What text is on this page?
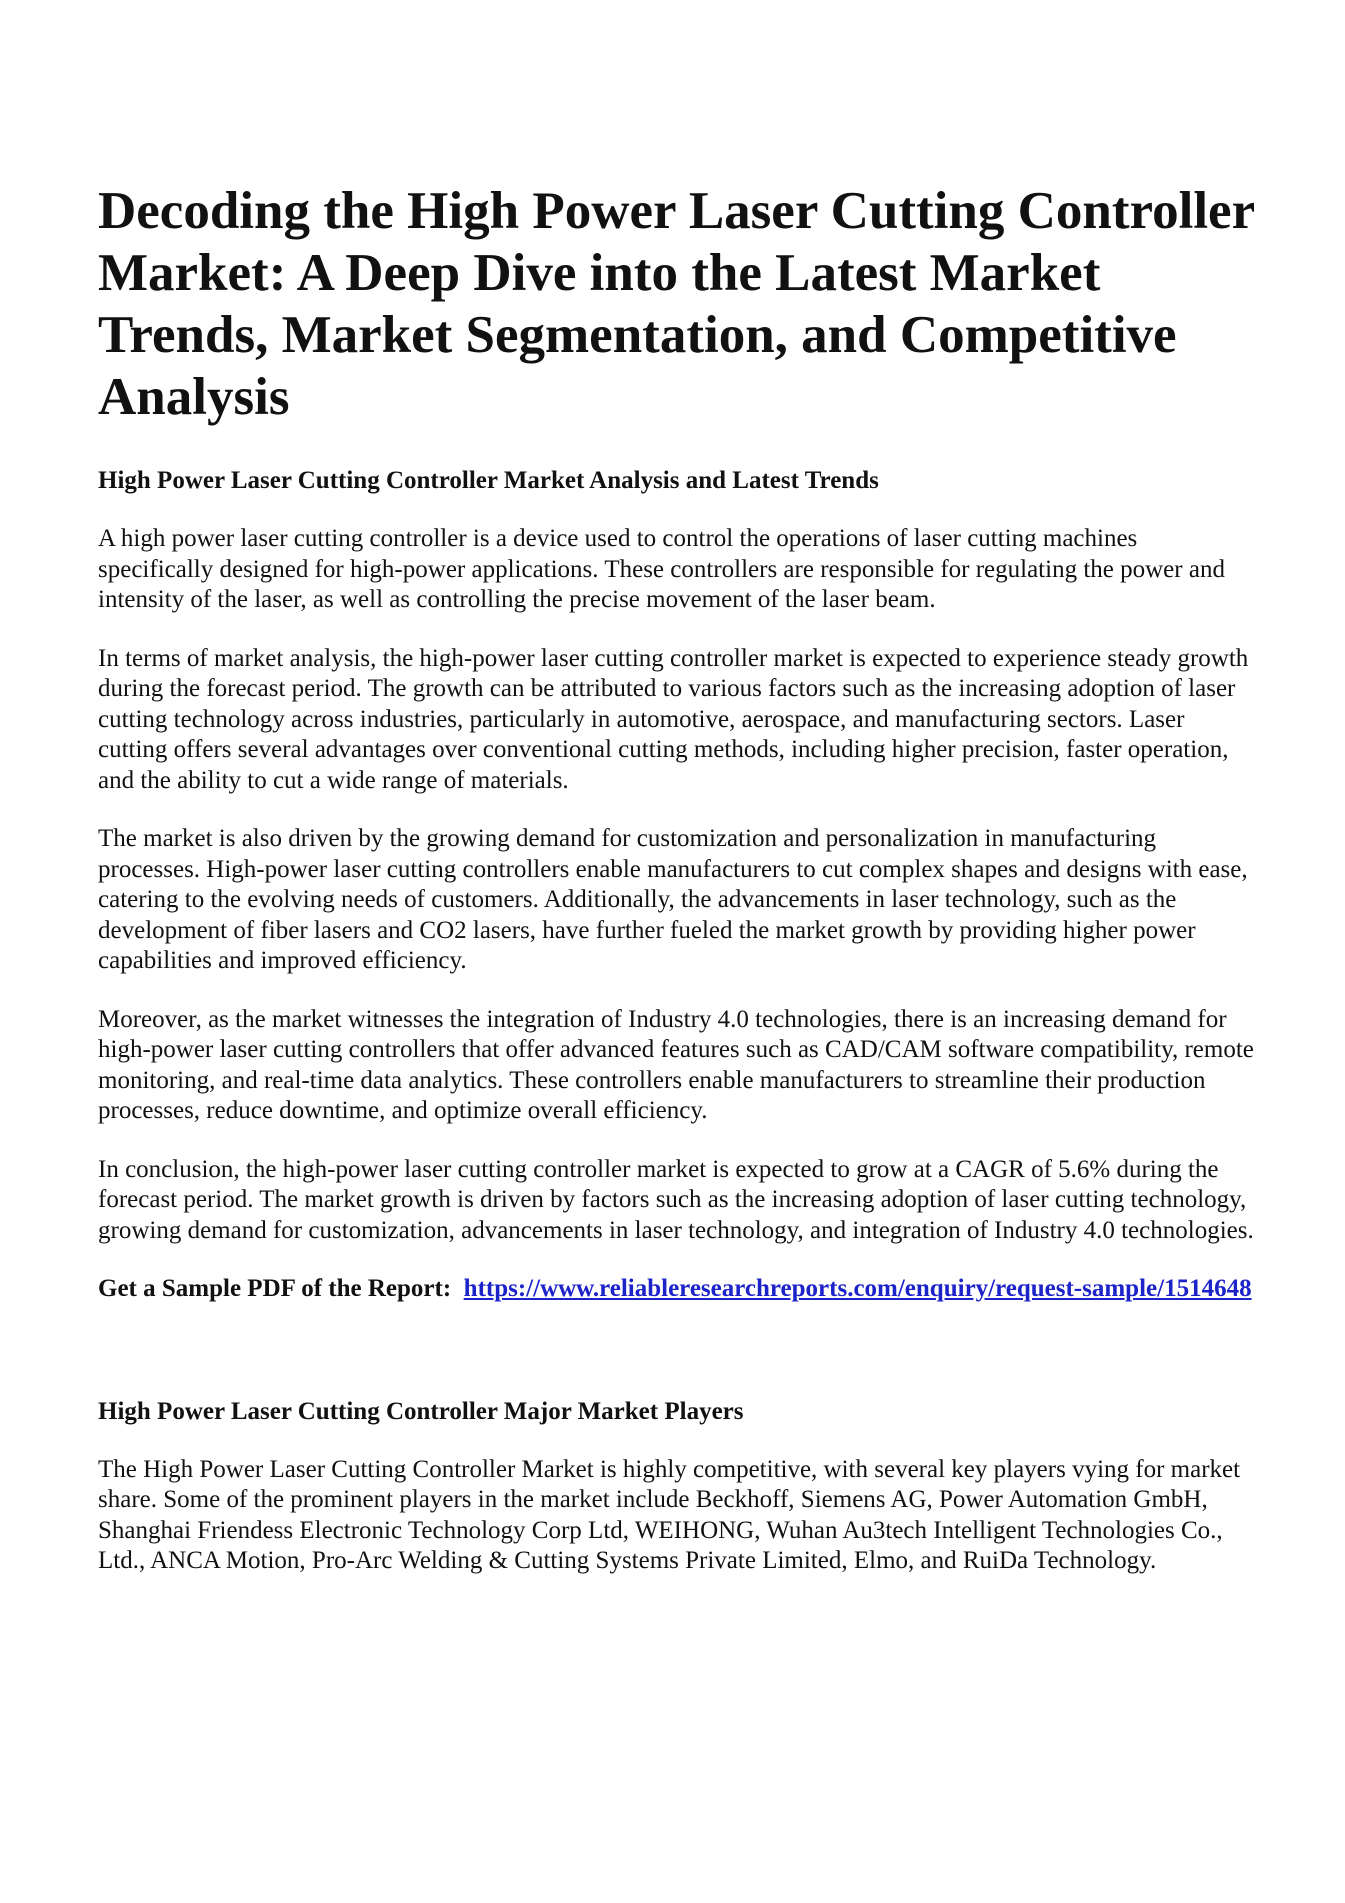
Decoding the High Power Laser Cutting Controller Market: A Deep Dive into the Latest Market Trends, Market Segmentation, and Competitive Analysis
High Power Laser Cutting Controller Market Analysis and Latest Trends

A high power laser cutting controller is a device used to control the operations of laser cutting machines specifically designed for high-power applications. These controllers are responsible for regulating the power and intensity of the laser, as well as controlling the precise movement of the laser beam.

In terms of market analysis, the high-power laser cutting controller market is expected to experience steady growth during the forecast period. The growth can be attributed to various factors such as the increasing adoption of laser cutting technology across industries, particularly in automotive, aerospace, and manufacturing sectors. Laser cutting offers several advantages over conventional cutting methods, including higher precision, faster operation, and the ability to cut a wide range of materials.

The market is also driven by the growing demand for customization and personalization in manufacturing processes. High-power laser cutting controllers enable manufacturers to cut complex shapes and designs with ease, catering to the evolving needs of customers. Additionally, the advancements in laser technology, such as the development of fiber lasers and CO2 lasers, have further fueled the market growth by providing higher power capabilities and improved efficiency.

Moreover, as the market witnesses the integration of Industry 4.0 technologies, there is an increasing demand for high-power laser cutting controllers that offer advanced features such as CAD/CAM software compatibility, remote monitoring, and real-time data analytics. These controllers enable manufacturers to streamline their production processes, reduce downtime, and optimize overall efficiency.

In conclusion, the high-power laser cutting controller market is expected to grow at a CAGR of 5.6% during the forecast period. The market growth is driven by factors such as the increasing adoption of laser cutting technology, growing demand for customization, advancements in laser technology, and integration of Industry 4.0 technologies.

Get a Sample PDF of the Report: https://www.reliableresearchreports.com/enquiry/request-sample/1514648
High Power Laser Cutting Controller Major Market Players

The High Power Laser Cutting Controller Market is highly competitive, with several key players vying for market share. Some of the prominent players in the market include Beckhoff, Siemens AG, Power Automation GmbH, Shanghai Friendess Electronic Technology Corp Ltd, WEIHONG, Wuhan Au3tech Intelligent Technologies Co., Ltd., ANCA Motion, Pro-Arc Welding & Cutting Systems Private Limited, Elmo, and RuiDa Technology.
